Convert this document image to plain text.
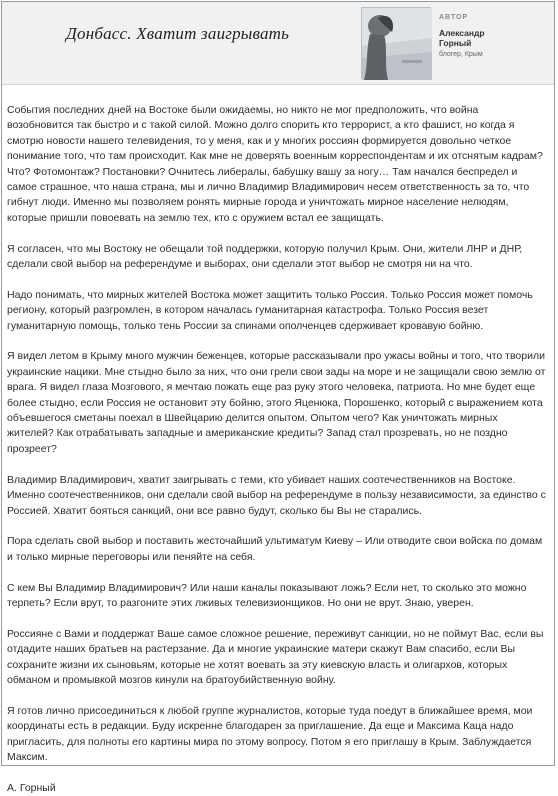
Донбасс. Хватит заигрывать
АВТОР
Александр Горный
блогер, Крым

События последних дней на Востоке были ожидаемы, но никто не мог предположить, что война возобновится так быстро и с такой силой. Можно долго спорить кто террорист, а кто фашист, но когда я смотрю новости нашего телевидения, то у меня, как и у многих россиян формируется довольно четкое понимание того, что там происходит. Как мне не доверять военным корреспондентам и их отснятым кадрам? Что? Фотомонтаж? Постановки? Очнитесь либералы, бабушку вашу за ногу… Там начался беспредел и самое страшное, что наша страна, мы и лично Владимир Владимирович несем ответственность за то, что гибнут люди. Именно мы позволяем ронять мирные города и уничтожать мирное население нелюдям, которые пришли повоевать на землю тех, кто с оружием встал ее защищать.

Я согласен, что мы Востоку не обещали той поддержки, которую получил Крым. Они, жители ЛНР и ДНР, сделали свой выбор на референдуме и выборах, они сделали этот выбор не смотря ни на что.

Надо понимать, что мирных жителей Востока может защитить только Россия. Только Россия может помочь региону, который разгромлен, в котором началась гуманитарная катастрофа. Только Россия везет гуманитарную помощь, только тень России за спинами ополченцев сдерживает кровавую бойню.

Я видел летом в Крыму много мужчин беженцев, которые рассказывали про ужасы войны и того, что творили украинские нацики. Мне стыдно было за них, что они грели свои зады на море и не защищали свою землю от врага. Я видел глаза Мозгового, я мечтаю пожать еще раз руку этого человека, патриота. Но мне будет еще более стыдно, если Россия не остановит эту бойню, этого Яценюка, Порошенко, который с выражением кота объевшегося сметаны поехал в Швейцарию делится опытом. Опытом чего? Как уничтожать мирных жителей? Как отрабатывать западные и американские кредиты? Запад стал прозревать, но не поздно прозреет?

Владимир Владимирович, хватит заигрывать с теми, кто убивает наших соотечественников на Востоке. Именно соотечественников, они сделали свой выбор на референдуме в пользу независимости, за единство с Россией. Хватит бояться санкций, они все равно будут, сколько бы Вы не старались.

Пора сделать свой выбор и поставить жесточайший ультиматум Киеву – Или отводите свои войска по домам и только мирные переговоры или пеняйте на себя.

С кем Вы Владимир Владимирович? Или наши каналы показывают ложь? Если нет, то сколько это можно терпеть? Если врут, то разгоните этих лживых телевизионщиков. Но они не врут. Знаю, уверен.

Россияне с Вами и поддержат Ваше самое сложное решение, переживут санкции, но не поймут Вас, если вы отдадите наших братьев на растерзание. Да и многие украинские матери скажут Вам спасибо, если Вы сохраните жизни их сыновьям, которые не хотят воевать за эту киевскую власть и олигархов, которых обманом и промывкой мозгов кинули на братоубийственную войну.

Я готов лично присоединиться к любой группе журналистов, которые туда поедут в ближайшее время, мои координаты есть в редакции. Буду искренне благодарен за приглашение. Да еще и Максима Каца надо пригласить, для полноты его картины мира по этому вопросу. Потом я его приглашу в Крым. Заблуждается Максим.

А. Горный
